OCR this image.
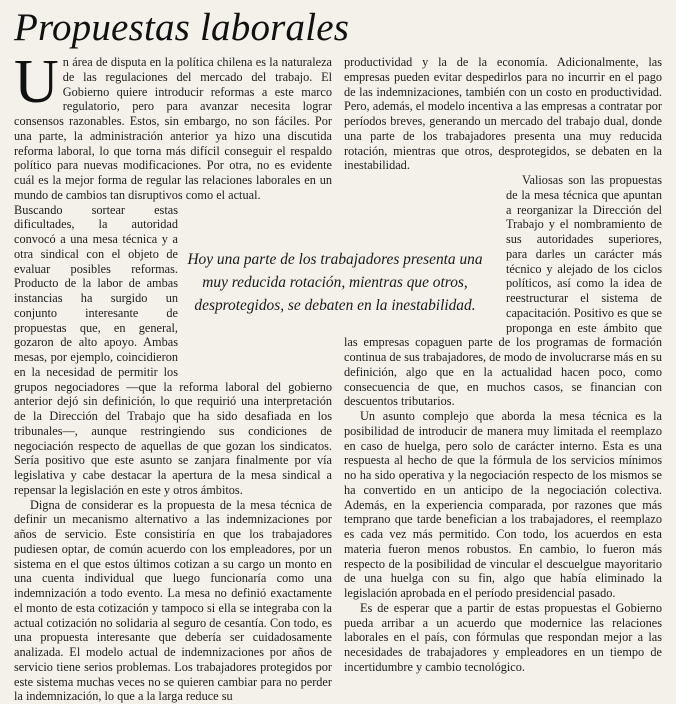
Propuestas laborales

Un área de disputa en la política chilena es la naturaleza de las regulaciones del mercado del trabajo. El Gobierno quiere introducir reformas a este marco regulatorio, pero para avanzar necesita lograr consensos razonables. Estos, sin embargo, no son fáciles. Por una parte, la administración anterior ya hizo una discutida reforma laboral, lo que torna más difícil conseguir el respaldo político para nuevas modificaciones. Por otra, no es evidente cuál es la mejor forma de regular las relaciones laborales en un mundo de cambios tan disruptivos como el actual.

Buscando sortear estas dificultades, la autoridad convocó a una mesa técnica y a otra sindical con el objeto de evaluar posibles reformas. Producto de la labor de ambas instancias ha surgido un conjunto interesante de propuestas que, en general, gozaron de alto apoyo. Ambas mesas, por ejemplo, coincidieron en la necesidad de permitir los grupos negociadores —que la reforma laboral del gobierno anterior dejó sin definición, lo que requirió una interpretación de la Dirección del Trabajo que ha sido desafiada en los tribunales—, aunque restringiendo sus condiciones de negociación respecto de aquellas de que gozan los sindicatos. Sería positivo que este asunto se zanjara finalmente por vía legislativa y cabe destacar la apertura de la mesa sindical a repensar la legislación en este y otros ámbitos.

Digna de considerar es la propuesta de la mesa técnica de definir un mecanismo alternativo a las indemnizaciones por años de servicio. Este consistiría en que los trabajadores pudiesen optar, de común acuerdo con los empleadores, por un sistema en el que estos últimos cotizan a su cargo un monto en una cuenta individual que luego funcionaría como una indemnización a todo evento. La mesa no definió exactamente el monto de esta cotización y tampoco si ella se integraba con la actual cotización no solidaria al seguro de cesantía. Con todo, es una propuesta interesante que debería ser cuidadosamente analizada. El modelo actual de indemnizaciones por años de servicio tiene serios problemas. Los trabajadores protegidos por este sistema muchas veces no se quieren cambiar para no perder la indemnización, lo que a la larga reduce su

productividad y la de la economía. Adicionalmente, las empresas pueden evitar despedirlos para no incurrir en el pago de las indemnizaciones, también con un costo en productividad. Pero, además, el modelo incentiva a las empresas a contratar por períodos breves, generando un mercado del trabajo dual, donde una parte de los trabajadores presenta una muy reducida rotación, mientras que otros, desprotegidos, se debaten en la inestabilidad.

Valiosas son las propuestas de la mesa técnica que apuntan a reorganizar la Dirección del Trabajo y el nombramiento de sus autoridades superiores, para darles un carácter más técnico y alejado de los ciclos políticos, así como la idea de reestructurar el sistema de capacitación. Positivo es que se proponga en este ámbito que las empresas copaguen parte de los programas de formación continua de sus trabajadores, de modo de involucrarse más en su definición, algo que en la actualidad hacen poco, como consecuencia de que, en muchos casos, se financian con descuentos tributarios.

Un asunto complejo que aborda la mesa técnica es la posibilidad de introducir de manera muy limitada el reemplazo en caso de huelga, pero solo de carácter interno. Esta es una respuesta al hecho de que la fórmula de los servicios mínimos no ha sido operativa y la negociación respecto de los mismos se ha convertido en un anticipo de la negociación colectiva. Además, en la experiencia comparada, por razones que más temprano que tarde benefician a los trabajadores, el reemplazo es cada vez más permitido. Con todo, los acuerdos en esta materia fueron menos robustos. En cambio, lo fueron más respecto de la posibilidad de vincular el descuelgue mayoritario de una huelga con su fin, algo que había eliminado la legislación aprobada en el período presidencial pasado.

Es de esperar que a partir de estas propuestas el Gobierno pueda arribar a un acuerdo que modernice las relaciones laborales en el país, con fórmulas que respondan mejor a las necesidades de trabajadores y empleadores en un tiempo de incertidumbre y cambio tecnológico.

Hoy una parte de los trabajadores presenta una muy reducida rotación, mientras que otros, desprotegidos, se debaten en la inestabilidad.
